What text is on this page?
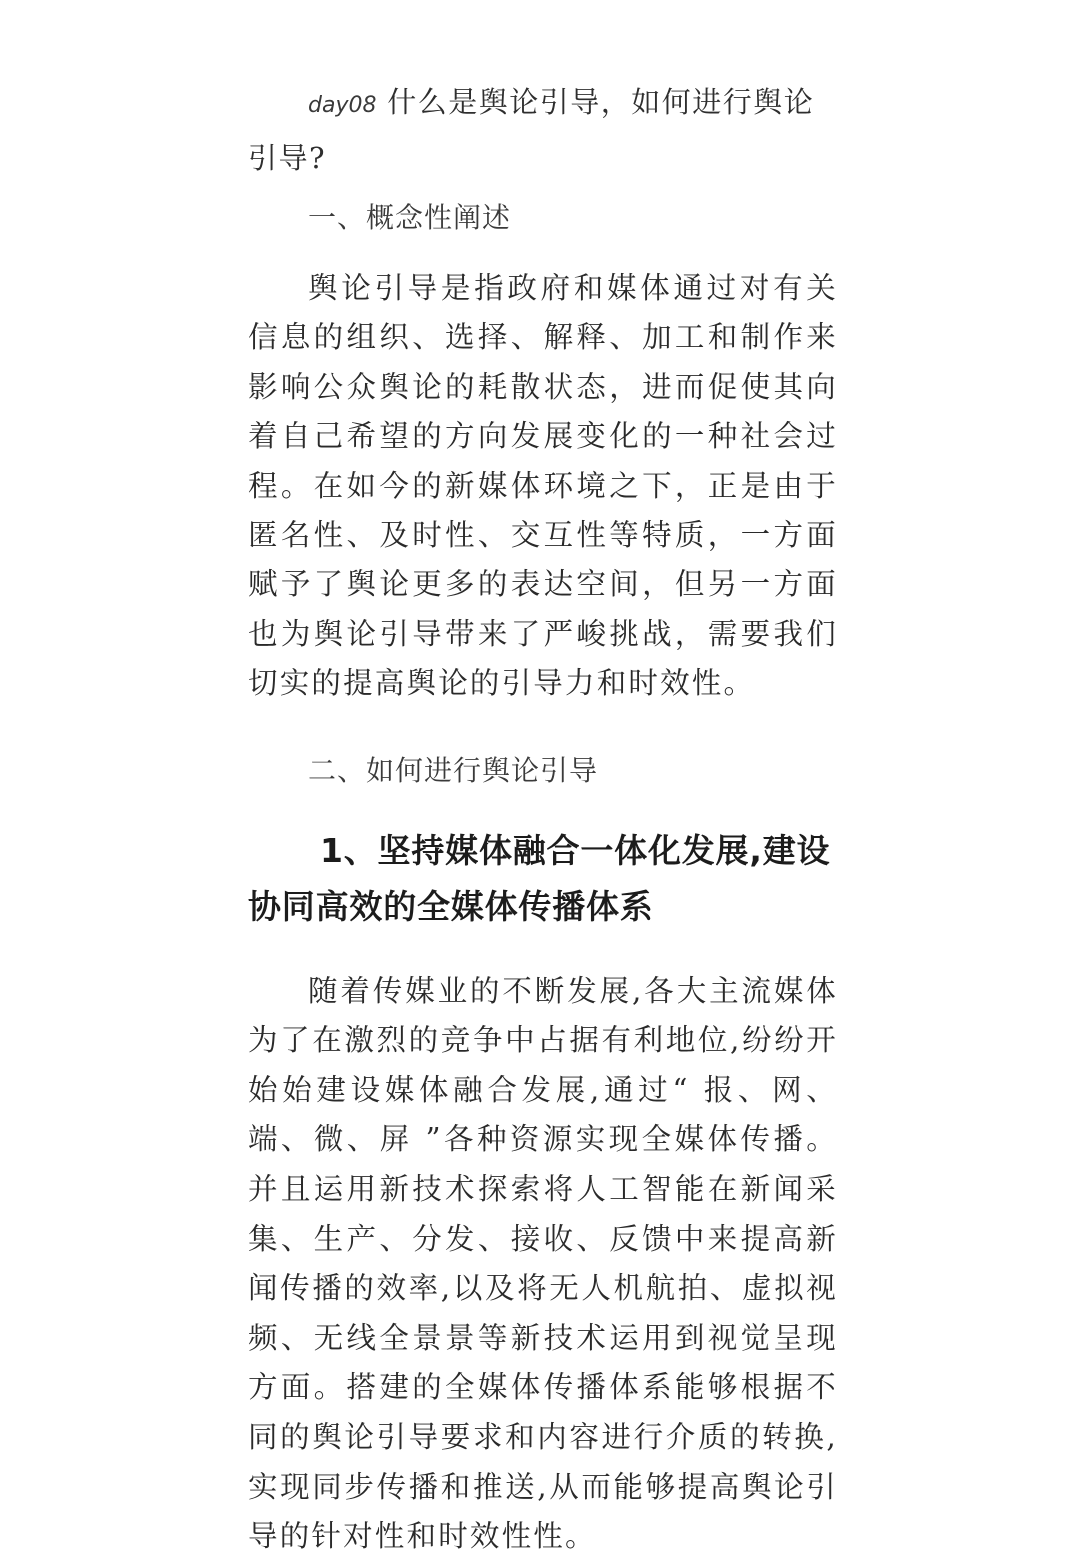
day08 什么是舆论引导，如何进行舆论引导?

一、概念性阐述

舆论引导是指政府和媒体通过对有关信息的组织、选择、解释、加工和制作来影响公众舆论的耗散状态，进而促使其向着自己希望的方向发展变化的一种社会过程。在如今的新媒体环境之下，正是由于匿名性、及时性、交互性等特质，一方面赋予了舆论更多的表达空间，但另一方面也为舆论引导带来了严峻挑战，需要我们切实的提高舆论的引导力和时效性。

二、如何进行舆论引导

1、坚持媒体融合一体化发展,建设协同高效的全媒体传播体系

随着传媒业的不断发展,各大主流媒体为了在激烈的竞争中占据有利地位,纷纷开始始建设媒体融合发展,通过“ 报、网、端、微、屏 ”各种资源实现全媒体传播。并且运用新技术探索将人工智能在新闻采集、生产、分发、接收、反馈中来提高新闻传播的效率,以及将无人机航拍、虚拟视频、无线全景景等新技术运用到视觉呈现方面。搭建的全媒体传播体系能够根据不同的舆论引导要求和内容进行介质的转换,实现同步传播和推送,从而能够提高舆论引导的针对性和时效性性。
